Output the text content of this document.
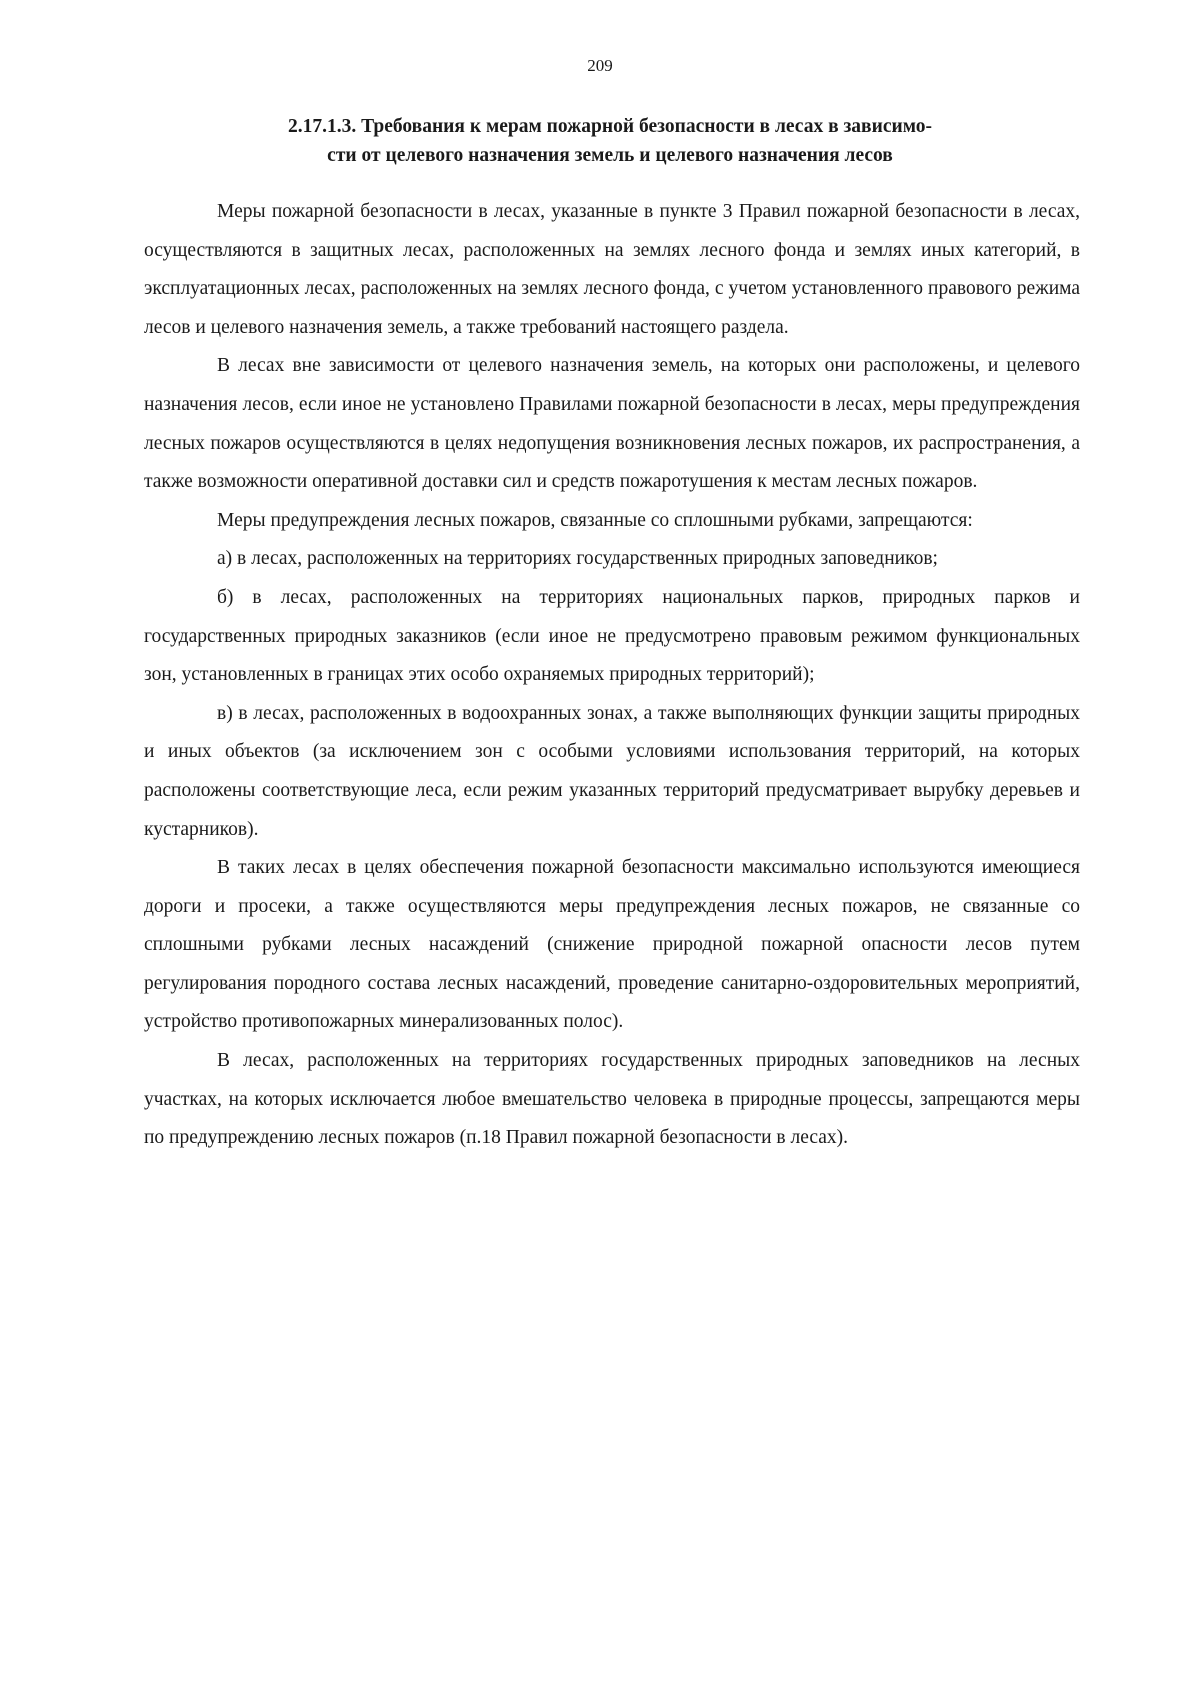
209
2.17.1.3. Требования к мерам пожарной безопасности в лесах в зависимо-
сти от целевого назначения земель и целевого назначения лесов

Меры пожарной безопасности в лесах, указанные в пункте 3 Правил пожарной безопасности в лесах, осуществляются в защитных лесах, расположенных на землях лесного фонда и землях иных категорий, в эксплуатационных лесах, расположенных на землях лесного фонда, с учетом установленного правового режима лесов и целевого назначения земель, а также требований настоящего раздела.

В лесах вне зависимости от целевого назначения земель, на которых они расположены, и целевого назначения лесов, если иное не установлено Правилами пожарной безопасности в лесах, меры предупреждения лесных пожаров осуществляются в целях недопущения возникновения лесных пожаров, их распространения, а также возможности оперативной доставки сил и средств пожаротушения к местам лесных пожаров.

Меры предупреждения лесных пожаров, связанные со сплошными рубками, запрещаются:

а) в лесах, расположенных на территориях государственных природных заповедников;

б) в лесах, расположенных на территориях национальных парков, природных парков и государственных природных заказников (если иное не предусмотрено правовым режимом функциональных зон, установленных в границах этих особо охраняемых природных территорий);

в) в лесах, расположенных в водоохранных зонах, а также выполняющих функции защиты природных и иных объектов (за исключением зон с особыми условиями использования территорий, на которых расположены соответствующие леса, если режим указанных территорий предусматривает вырубку деревьев и кустарников).

В таких лесах в целях обеспечения пожарной безопасности максимально используются имеющиеся дороги и просеки, а также осуществляются меры предупреждения лесных пожаров, не связанные со сплошными рубками лесных насаждений (снижение природной пожарной опасности лесов путем регулирования породного состава лесных насаждений, проведение санитарно-оздоровительных мероприятий, устройство противопожарных минерализованных полос).

В лесах, расположенных на территориях государственных природных заповедников на лесных участках, на которых исключается любое вмешательство человека в природные процессы, запрещаются меры по предупреждению лесных пожаров (п.18 Правил пожарной безопасности в лесах).
